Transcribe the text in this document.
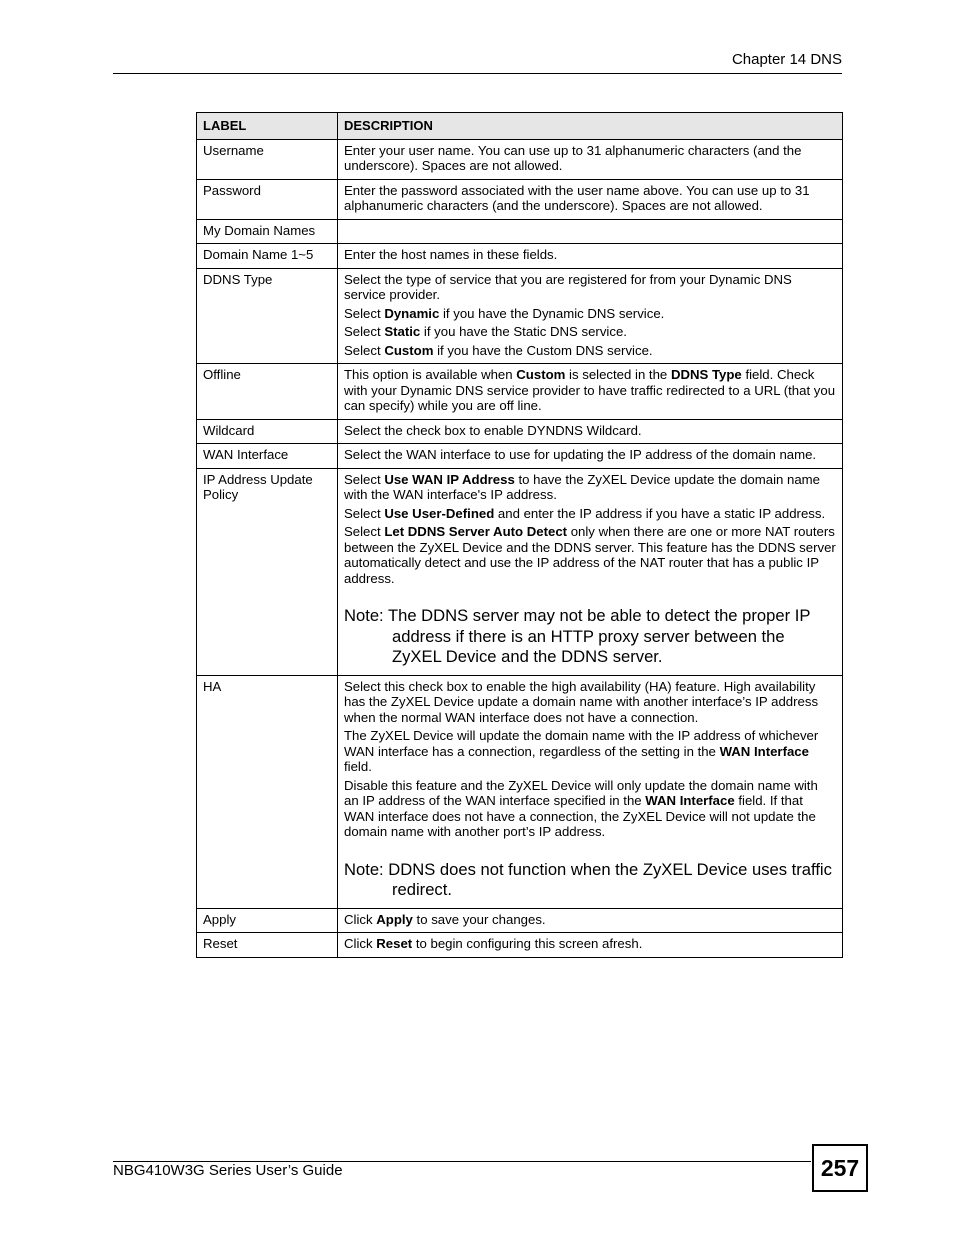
Chapter 14 DNS
LABEL	DESCRIPTION
Username	Enter your user name. You can use up to 31 alphanumeric characters (and the underscore). Spaces are not allowed.

Password	Enter the password associated with the user name above. You can use up to 31 alphanumeric characters (and the underscore). Spaces are not allowed.

My Domain Names	
Domain Name 1~5	Enter the host names in these fields.

DDNS Type	Select the type of service that you are registered for from your Dynamic DNS service provider.
Select Dynamic if you have the Dynamic DNS service.
Select Static if you have the Static DNS service.
Select Custom if you have the Custom DNS service.

Offline	This option is available when Custom is selected in the DDNS Type field. Check with your Dynamic DNS service provider to have traffic redirected to a URL (that you can specify) while you are off line.

Wildcard	Select the check box to enable DYNDNS Wildcard.

WAN Interface	Select the WAN interface to use for updating the IP address of the domain name.

IP Address Update Policy	Select Use WAN IP Address to have the ZyXEL Device update the domain name with the WAN interface's IP address.
Select Use User-Defined and enter the IP address if you have a static IP address.
Select Let DDNS Server Auto Detect only when there are one or more NAT routers between the ZyXEL Device and the DDNS server. This feature has the DDNS server automatically detect and use the IP address of the NAT router that has a public IP address.
Note: The DDNS server may not be able to detect the proper IP address if there is an HTTP proxy server between the ZyXEL Device and the DDNS server.

HA	Select this check box to enable the high availability (HA) feature. High availability has the ZyXEL Device update a domain name with another interface’s IP address when the normal WAN interface does not have a connection.
The ZyXEL Device will update the domain name with the IP address of whichever WAN interface has a connection, regardless of the setting in the WAN Interface field.
Disable this feature and the ZyXEL Device will only update the domain name with an IP address of the WAN interface specified in the WAN Interface field. If that WAN interface does not have a connection, the ZyXEL Device will not update the domain name with another port’s IP address.
Note: DDNS does not function when the ZyXEL Device uses traffic redirect.

Apply	Click Apply to save your changes.

Reset	Click Reset to begin configuring this screen afresh.
NBG410W3G Series User’s Guide	257
